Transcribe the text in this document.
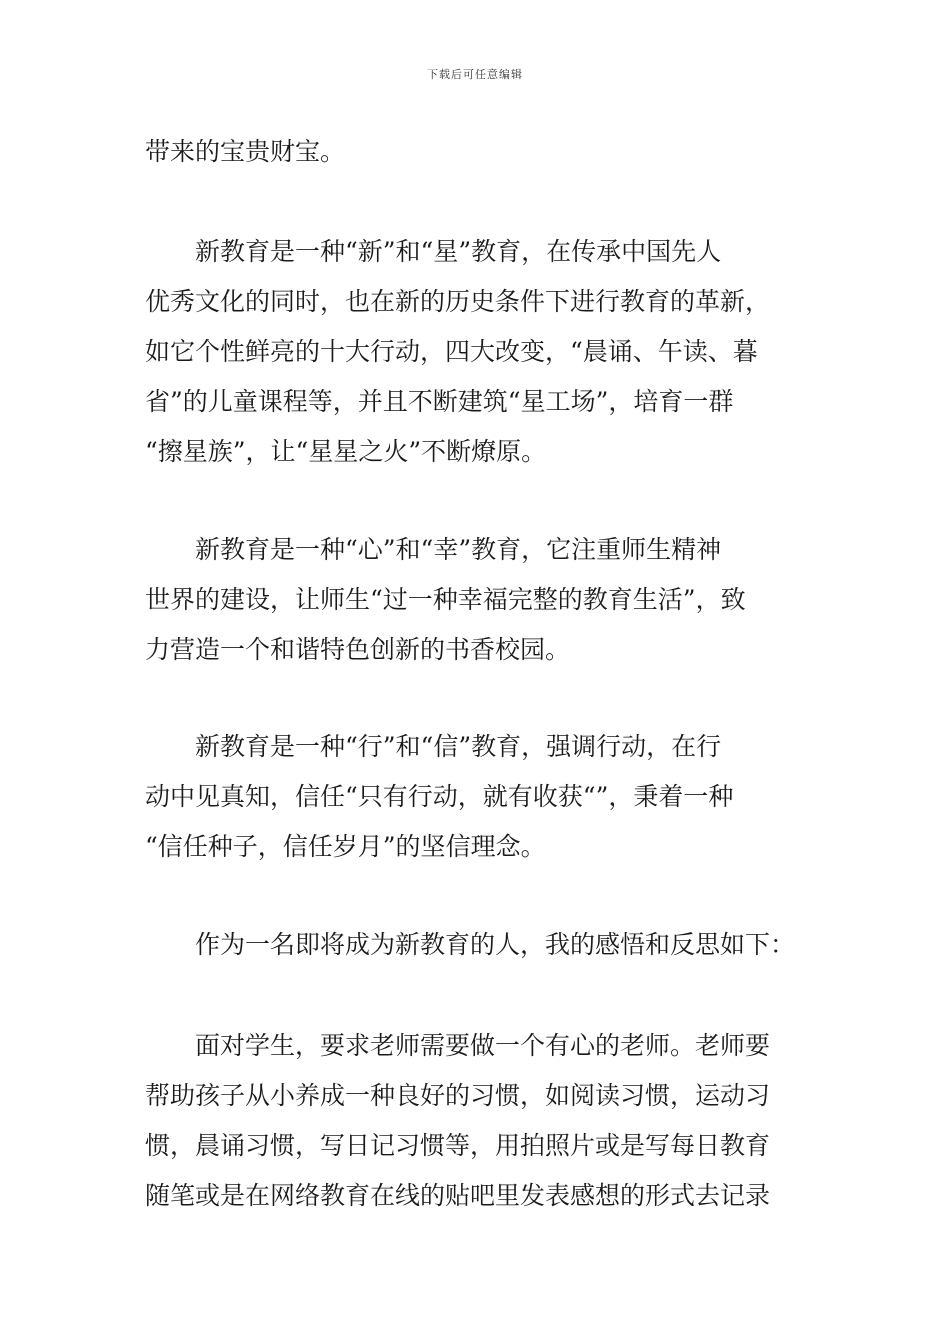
下载后可任意编辑
带来的宝贵财宝。
新教育是一种“新”和“星”教育，在传承中国先人
优秀文化的同时，也在新的历史条件下进行教育的革新，
如它个性鲜亮的十大行动，四大改变，“晨诵、午读、暮
省”的儿童课程等，并且不断建筑“星工场”，培育一群
“擦星族”，让“星星之火”不断燎原。
新教育是一种“心”和“幸”教育，它注重师生精神
世界的建设，让师生“过一种幸福完整的教育生活”，致
力营造一个和谐特色创新的书香校园。
新教育是一种“行”和“信”教育，强调行动，在行
动中见真知，信任“只有行动，就有收获“”，秉着一种
“信任种子，信任岁月”的坚信理念。
作为一名即将成为新教育的人，我的感悟和反思如下：
面对学生，要求老师需要做一个有心的老师。老师要
帮助孩子从小养成一种良好的习惯，如阅读习惯，运动习
惯，晨诵习惯，写日记习惯等，用拍照片或是写每日教育
随笔或是在网络教育在线的贴吧里发表感想的形式去记录
